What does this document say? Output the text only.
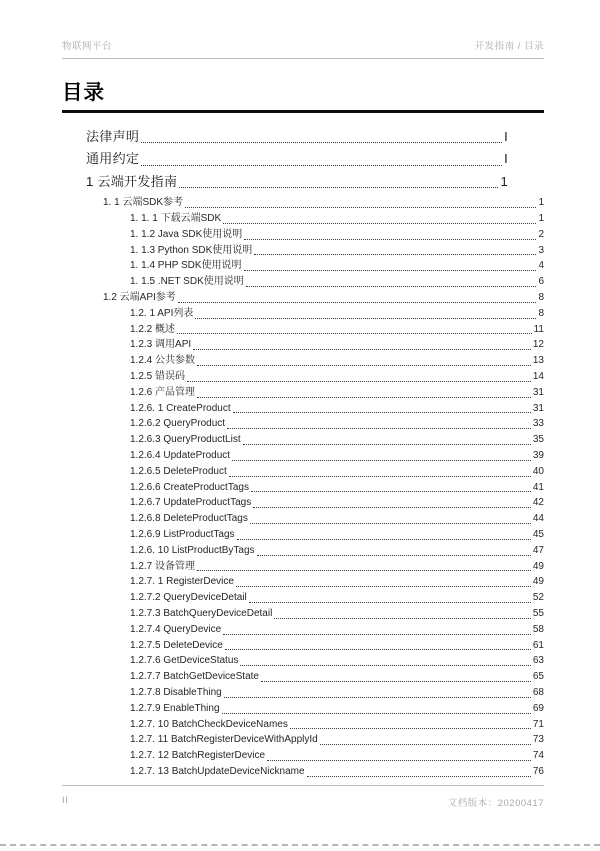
物联网平台	开发指南 / 目录
目录
法律声明	I
通用约定	I
1 云端开发指南	1
1. 1 云端SDK参考	1
1. 1. 1 下载云端SDK	1
1. 1.2 Java SDK使用说明	2
1. 1.3 Python SDK使用说明	3
1. 1.4 PHP SDK使用说明	4
1. 1.5 .NET SDK使用说明	6
1.2 云端API参考	8
1.2. 1 API列表	8
1.2.2 概述	11
1.2.3 调用API	12
1.2.4 公共参数	13
1.2.5 错误码	14
1.2.6 产品管理	31
1.2.6. 1 CreateProduct	31
1.2.6.2 QueryProduct	33
1.2.6.3 QueryProductList	35
1.2.6.4 UpdateProduct	39
1.2.6.5 DeleteProduct	40
1.2.6.6 CreateProductTags	41
1.2.6.7 UpdateProductTags	42
1.2.6.8 DeleteProductTags	44
1.2.6.9 ListProductTags	45
1.2.6. 10 ListProductByTags	47
1.2.7 设备管理	49
1.2.7. 1 RegisterDevice	49
1.2.7.2 QueryDeviceDetail	52
1.2.7.3 BatchQueryDeviceDetail	55
1.2.7.4 QueryDevice	58
1.2.7.5 DeleteDevice	61
1.2.7.6 GetDeviceStatus	63
1.2.7.7 BatchGetDeviceState	65
1.2.7.8 DisableThing	68
1.2.7.9 EnableThing	69
1.2.7. 10 BatchCheckDeviceNames	71
1.2.7. 11 BatchRegisterDeviceWithApplyId	73
1.2.7. 12 BatchRegisterDevice	74
1.2.7. 13 BatchUpdateDeviceNickname	76
II	文档版本：20200417
